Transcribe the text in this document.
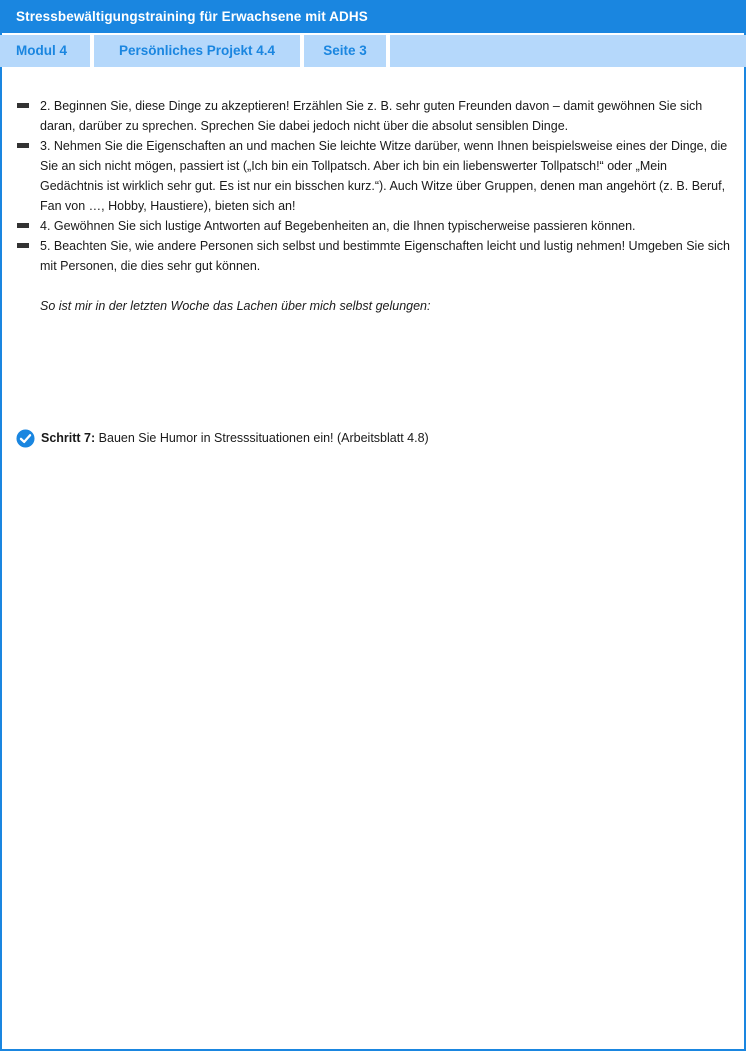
Stressbewältigungstraining für Erwachsene mit ADHS
Modul 4	Persönliches Projekt 4.4	Seite 3
2. Beginnen Sie, diese Dinge zu akzeptieren! Erzählen Sie z. B. sehr guten Freunden davon – damit gewöhnen Sie sich daran, darüber zu sprechen. Sprechen Sie dabei jedoch nicht über die absolut sensiblen Dinge.
3. Nehmen Sie die Eigenschaften an und machen Sie leichte Witze darüber, wenn Ihnen beispielsweise eines der Dinge, die Sie an sich nicht mögen, passiert ist („Ich bin ein Tollpatsch. Aber ich bin ein liebenswerter Tollpatsch!“ oder „Mein Gedächtnis ist wirklich sehr gut. Es ist nur ein bisschen kurz.“). Auch Witze über Gruppen, denen man angehört (z. B. Beruf, Fan von …, Hobby, Haustiere), bieten sich an!
4. Gewöhnen Sie sich lustige Antworten auf Begebenheiten an, die Ihnen typischerweise passieren können.
5. Beachten Sie, wie andere Personen sich selbst und bestimmte Eigenschaften leicht und lustig nehmen! Umgeben Sie sich mit Personen, die dies sehr gut können.
So ist mir in der letzten Woche das Lachen über mich selbst gelungen:
Schritt 7: Bauen Sie Humor in Stresssituationen ein! (Arbeitsblatt 4.8)
